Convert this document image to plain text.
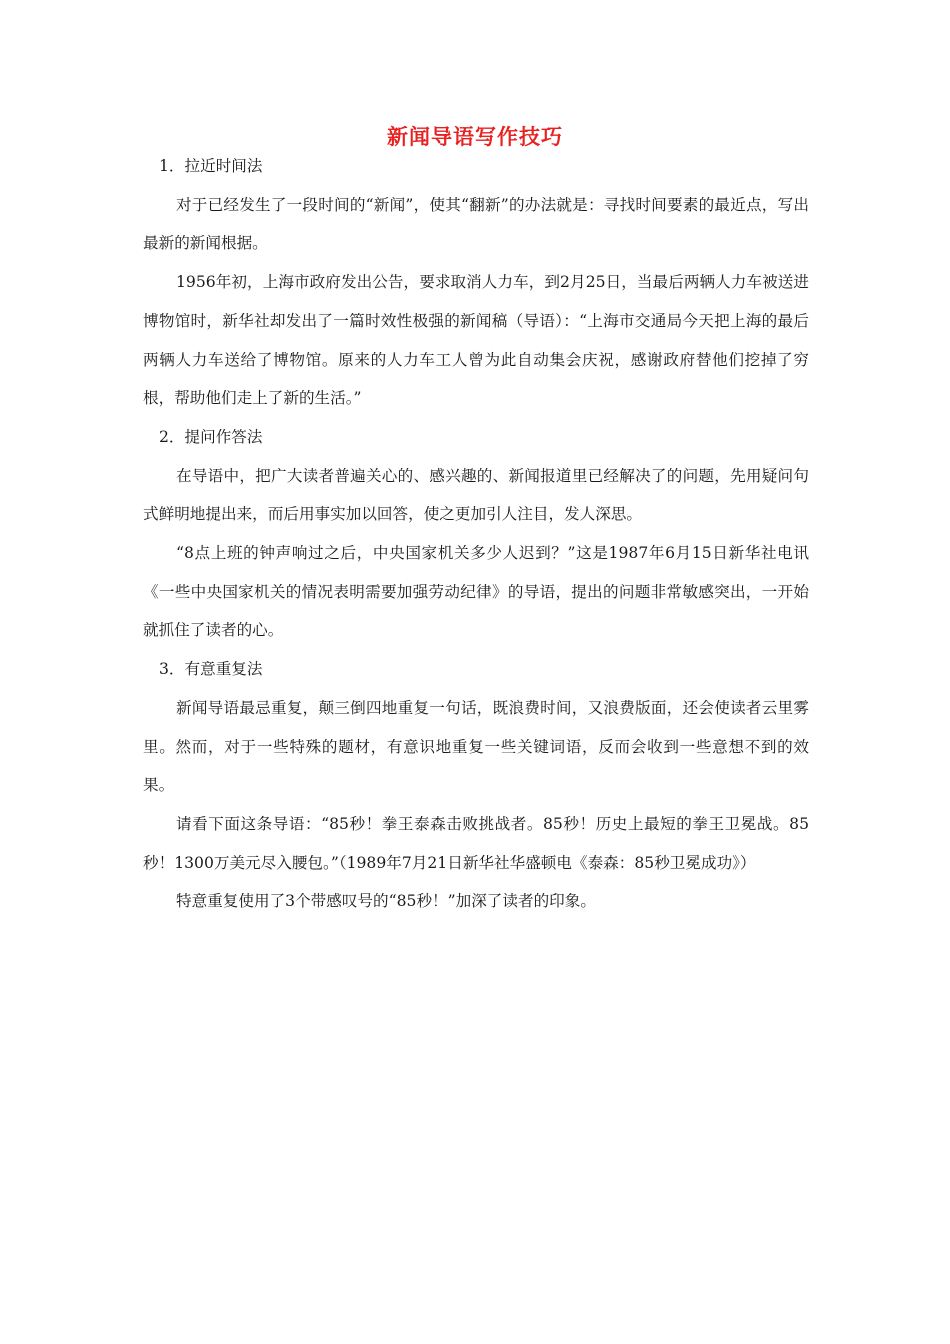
新闻导语写作技巧

1．拉近时间法

对于已经发生了一段时间的“新闻”，使其“翻新”的办法就是：寻找时间要素的最近点，写出最新的新闻根据。

1956年初，上海市政府发出公告，要求取消人力车，到2月25日，当最后两辆人力车被送进博物馆时，新华社却发出了一篇时效性极强的新闻稿（导语）：“上海市交通局今天把上海的最后两辆人力车送给了博物馆。原来的人力车工人曾为此自动集会庆祝，感谢政府替他们挖掉了穷根，帮助他们走上了新的生活。”

2．提问作答法

在导语中，把广大读者普遍关心的、感兴趣的、新闻报道里已经解决了的问题，先用疑问句式鲜明地提出来，而后用事实加以回答，使之更加引人注目，发人深思。

“8点上班的钟声响过之后，中央国家机关多少人迟到？”这是1987年6月15日新华社电讯《一些中央国家机关的情况表明需要加强劳动纪律》的导语，提出的问题非常敏感突出，一开始就抓住了读者的心。

3．有意重复法

新闻导语最忌重复，颠三倒四地重复一句话，既浪费时间，又浪费版面，还会使读者云里雾里。然而，对于一些特殊的题材，有意识地重复一些关键词语，反而会收到一些意想不到的效果。

请看下面这条导语：“85秒！拳王泰森击败挑战者。85秒！历史上最短的拳王卫冕战。85秒！1300万美元尽入腰包。”（1989年7月21日新华社华盛顿电《泰森：85秒卫冕成功》）

特意重复使用了3个带感叹号的“85秒！”加深了读者的印象。
